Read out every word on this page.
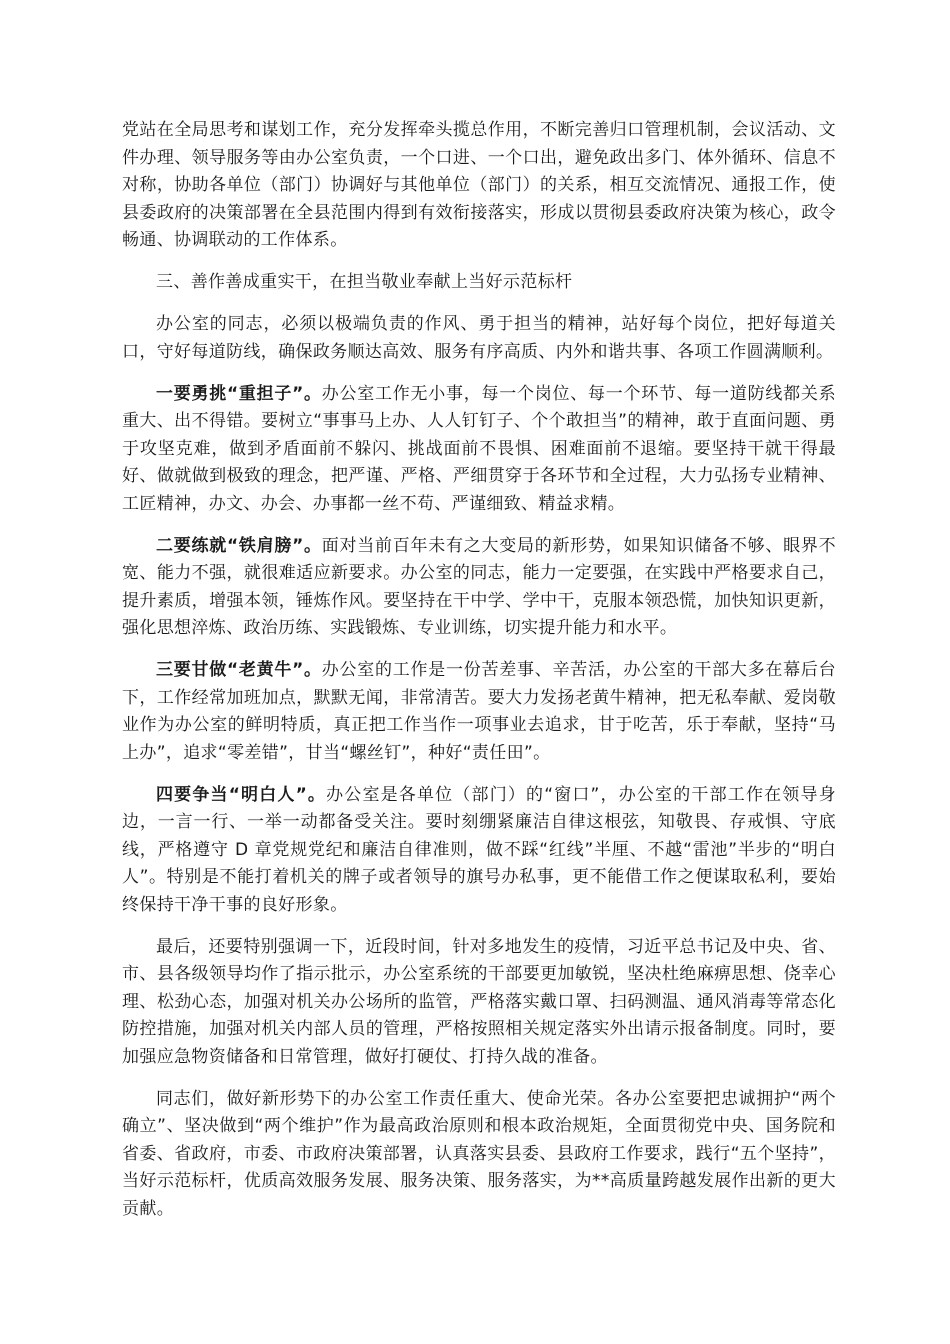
党站在全局思考和谋划工作，充分发挥牵头揽总作用，不断完善归口管理机制，会议活动、文件办理、领导服务等由办公室负责，一个口进、一个口出，避免政出多门、体外循环、信息不对称，协助各单位（部门）协调好与其他单位（部门）的关系，相互交流情况、通报工作，使县委政府的决策部署在全县范围内得到有效衔接落实，形成以贯彻县委政府决策为核心，政令畅通、协调联动的工作体系。

三、善作善成重实干，在担当敬业奉献上当好示范标杆

办公室的同志，必须以极端负责的作风、勇于担当的精神，站好每个岗位，把好每道关口，守好每道防线，确保政务顺达高效、服务有序高质、内外和谐共事、各项工作圆满顺利。

一要勇挑“重担子”。办公室工作无小事，每一个岗位、每一个环节、每一道防线都关系重大、出不得错。要树立“事事马上办、人人钉钉子、个个敢担当”的精神，敢于直面问题、勇于攻坚克难，做到矛盾面前不躲闪、挑战面前不畏惧、困难面前不退缩。要坚持干就干得最好、做就做到极致的理念，把严谨、严格、严细贯穿于各环节和全过程，大力弘扬专业精神、工匠精神，办文、办会、办事都一丝不苟、严谨细致、精益求精。

二要练就“铁肩膀”。面对当前百年未有之大变局的新形势，如果知识储备不够、眼界不宽、能力不强，就很难适应新要求。办公室的同志，能力一定要强，在实践中严格要求自己，提升素质，增强本领，锤炼作风。要坚持在干中学、学中干，克服本领恐慌，加快知识更新，强化思想淬炼、政治历练、实践锻炼、专业训练，切实提升能力和水平。

三要甘做“老黄牛”。办公室的工作是一份苦差事、辛苦活，办公室的干部大多在幕后台下，工作经常加班加点，默默无闻，非常清苦。要大力发扬老黄牛精神，把无私奉献、爱岗敬业作为办公室的鲜明特质，真正把工作当作一项事业去追求，甘于吃苦，乐于奉献，坚持“马上办”，追求“零差错”，甘当“螺丝钉”，种好“责任田”。

四要争当“明白人”。办公室是各单位（部门）的“窗口”，办公室的干部工作在领导身边，一言一行、一举一动都备受关注。要时刻绷紧廉洁自律这根弦，知敬畏、存戒惧、守底线，严格遵守 D 章党规党纪和廉洁自律准则，做不踩“红线”半厘、不越“雷池”半步的“明白人”。特别是不能打着机关的牌子或者领导的旗号办私事，更不能借工作之便谋取私利，要始终保持干净干事的良好形象。

最后，还要特别强调一下，近段时间，针对多地发生的疫情，习近平总书记及中央、省、市、县各级领导均作了指示批示，办公室系统的干部要更加敏锐，坚决杜绝麻痹思想、侥幸心理、松劲心态，加强对机关办公场所的监管，严格落实戴口罩、扫码测温、通风消毒等常态化防控措施，加强对机关内部人员的管理，严格按照相关规定落实外出请示报备制度。同时，要加强应急物资储备和日常管理，做好打硬仗、打持久战的准备。

同志们，做好新形势下的办公室工作责任重大、使命光荣。各办公室要把忠诚拥护“两个确立”、坚决做到“两个维护”作为最高政治原则和根本政治规矩，全面贯彻党中央、国务院和省委、省政府，市委、市政府决策部署，认真落实县委、县政府工作要求，践行“五个坚持”，当好示范标杆，优质高效服务发展、服务决策、服务落实，为**高质量跨越发展作出新的更大贡献。
